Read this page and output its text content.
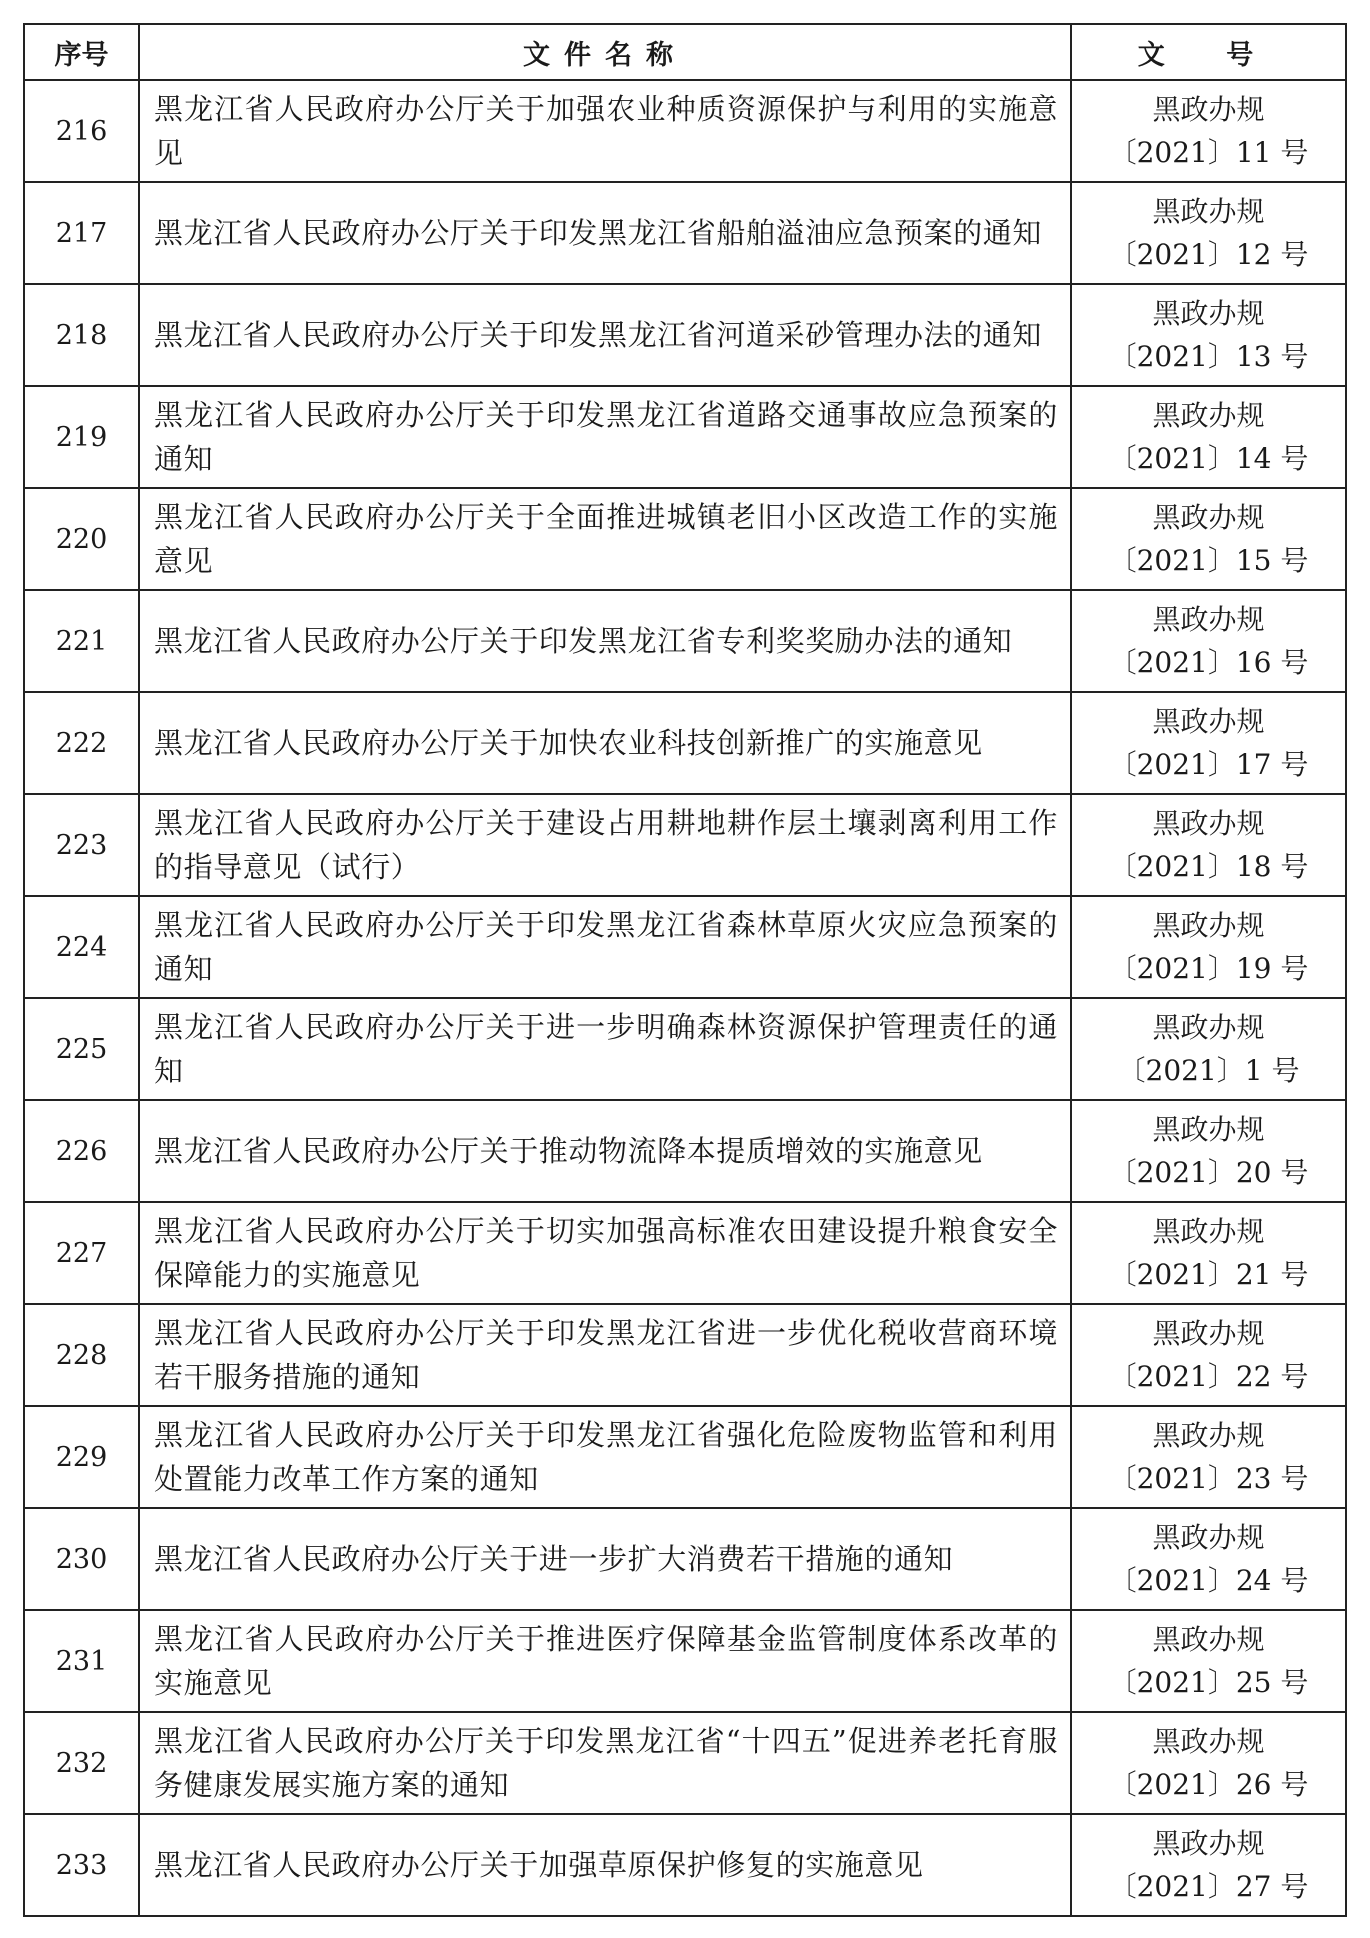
序号	文件名称	文 号
216	黑龙江省人民政府办公厅关于加强农业种质资源保护与利用的实施意见	黑政办规
〔2021〕11 号

217	黑龙江省人民政府办公厅关于印发黑龙江省船舶溢油应急预案的通知	黑政办规
〔2021〕12 号

218	黑龙江省人民政府办公厅关于印发黑龙江省河道采砂管理办法的通知	黑政办规
〔2021〕13 号

219	黑龙江省人民政府办公厅关于印发黑龙江省道路交通事故应急预案的通知	黑政办规
〔2021〕14 号

220	黑龙江省人民政府办公厅关于全面推进城镇老旧小区改造工作的实施意见	黑政办规
〔2021〕15 号

221	黑龙江省人民政府办公厅关于印发黑龙江省专利奖奖励办法的通知	黑政办规
〔2021〕16 号

222	黑龙江省人民政府办公厅关于加快农业科技创新推广的实施意见	黑政办规
〔2021〕17 号

223	黑龙江省人民政府办公厅关于建设占用耕地耕作层土壤剥离利用工作的指导意见（试行）	黑政办规
〔2021〕18 号

224	黑龙江省人民政府办公厅关于印发黑龙江省森林草原火灾应急预案的通知	黑政办规
〔2021〕19 号

225	黑龙江省人民政府办公厅关于进一步明确森林资源保护管理责任的通知	黑政办规
〔2021〕1 号

226	黑龙江省人民政府办公厅关于推动物流降本提质增效的实施意见	黑政办规
〔2021〕20 号

227	黑龙江省人民政府办公厅关于切实加强高标准农田建设提升粮食安全保障能力的实施意见	黑政办规
〔2021〕21 号

228	黑龙江省人民政府办公厅关于印发黑龙江省进一步优化税收营商环境若干服务措施的通知	黑政办规
〔2021〕22 号

229	黑龙江省人民政府办公厅关于印发黑龙江省强化危险废物监管和利用处置能力改革工作方案的通知	黑政办规
〔2021〕23 号

230	黑龙江省人民政府办公厅关于进一步扩大消费若干措施的通知	黑政办规
〔2021〕24 号

231	黑龙江省人民政府办公厅关于推进医疗保障基金监管制度体系改革的实施意见	黑政办规
〔2021〕25 号

232	黑龙江省人民政府办公厅关于印发黑龙江省“十四五”促进养老托育服务健康发展实施方案的通知	黑政办规
〔2021〕26 号

233	黑龙江省人民政府办公厅关于加强草原保护修复的实施意见	黑政办规
〔2021〕27 号
